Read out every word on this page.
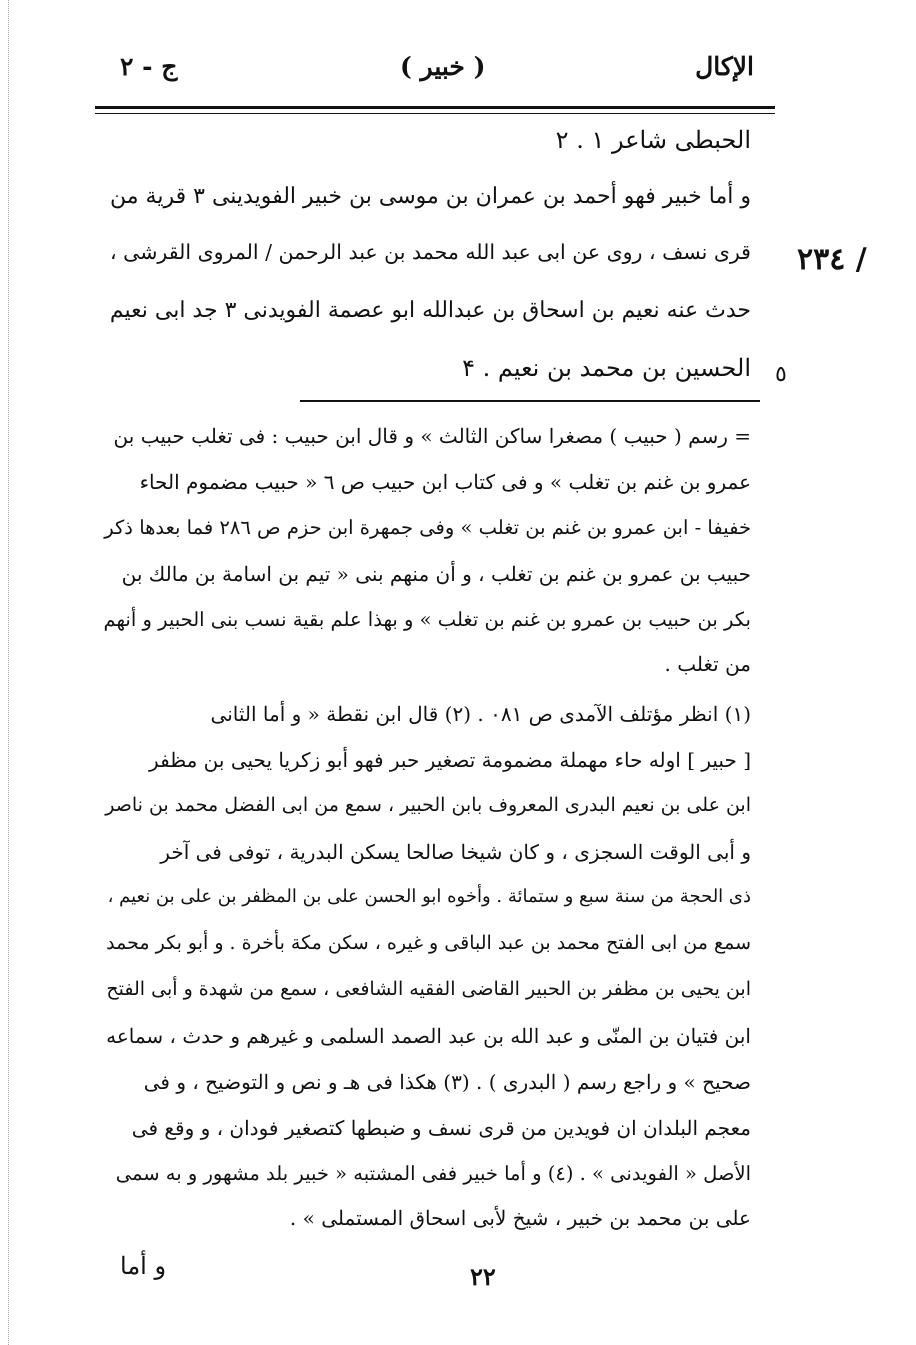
الإكال
( خبير )
ج - ٢
الحبطى شاعر ۱ . ۲
و أما خبير فهو أحمد بن عمران بن موسى بن خبير الفويدينى ۳ قرية من
قرى نسف ، روى عن ابى عبد الله محمد بن عبد الرحمن / المروى القرشى ،
حدث عنه نعيم بن اسحاق بن عبدالله ابو عصمة الفويدنى ۳ جد ابى نعيم
الحسين بن محمد بن نعيم . ۴
٢٣٤ /
٥
= رسم ( حبيب ) مصغرا ساكن الثالث » و قال ابن حبيب : فى تغلب حبيب بن
عمرو بن غنم بن تغلب » و فى كتاب ابن حبيب ص ٦ « حبيب مضموم الحاء
خفيفا - ابن عمرو بن غنم بن تغلب » وفى جمهرة ابن حزم ص ٢٨٦ فما بعدها ذكر
حبيب بن عمرو بن غنم بن تغلب ، و أن منهم بنى « تيم بن اسامة بن مالك بن
بكر بن حبيب بن عمرو بن غنم بن تغلب » و بهذا علم بقية نسب بنى الحبير و أنهم
من تغلب .
(۱) انظر مؤتلف الآمدى ص ۰۸۱ . (۲) قال ابن نقطة « و أما الثانى
[ حبير ] اوله حاء مهملة مضمومة تصغير حبر فهو أبو زكريا يحيى بن مظفر
ابن على بن نعيم البدرى المعروف بابن الحبير ، سمع من ابى الفضل محمد بن ناصر
و أبى الوقت السجزى ، و كان شيخا صالحا يسكن البدرية ، توفى فى آخر
ذى الحجة من سنة سبع و ستمائة . وأخوه ابو الحسن على بن المظفر بن على بن نعيم ،
سمع من ابى الفتح محمد بن عبد الباقى و غيره ، سكن مكة بأخرة . و أبو بكر محمد
ابن يحيى بن مظفر بن الحبير القاضى الفقيه الشافعى ، سمع من شهدة و أبى الفتح
ابن فتيان بن المنّى و عبد الله بن عبد الصمد السلمى و غيرهم و حدث ، سماعه
صحيح » و راجع رسم ( البدرى ) . (۳) هكذا فى هـ و نص و التوضيح ، و فى
معجم البلدان ان فويدين من قرى نسف و ضبطها كتصغير فودان ، و وقع فى
الأصل « الفويدنى » . (٤) و أما خبير ففى المشتبه « خبير بلد مشهور و به سمى
على بن محمد بن خبير ، شيخ لأبى اسحاق المستملى » .
٢٢
و أما
